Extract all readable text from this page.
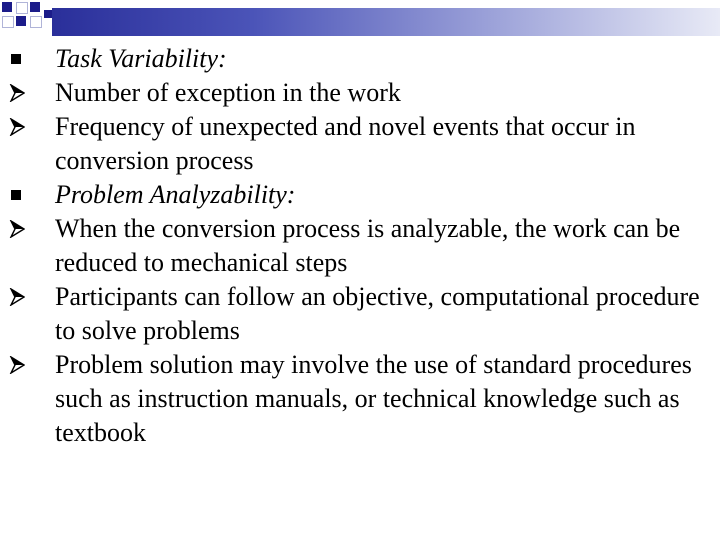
Task Variability:
Number of exception in the work
Frequency of unexpected and novel events that occur in conversion process
Problem Analyzability:
When the conversion process is analyzable, the work can be reduced to mechanical steps
Participants can follow an objective, computational procedure to solve problems
Problem solution may involve the use of standard procedures such as instruction manuals, or technical knowledge such as textbook
